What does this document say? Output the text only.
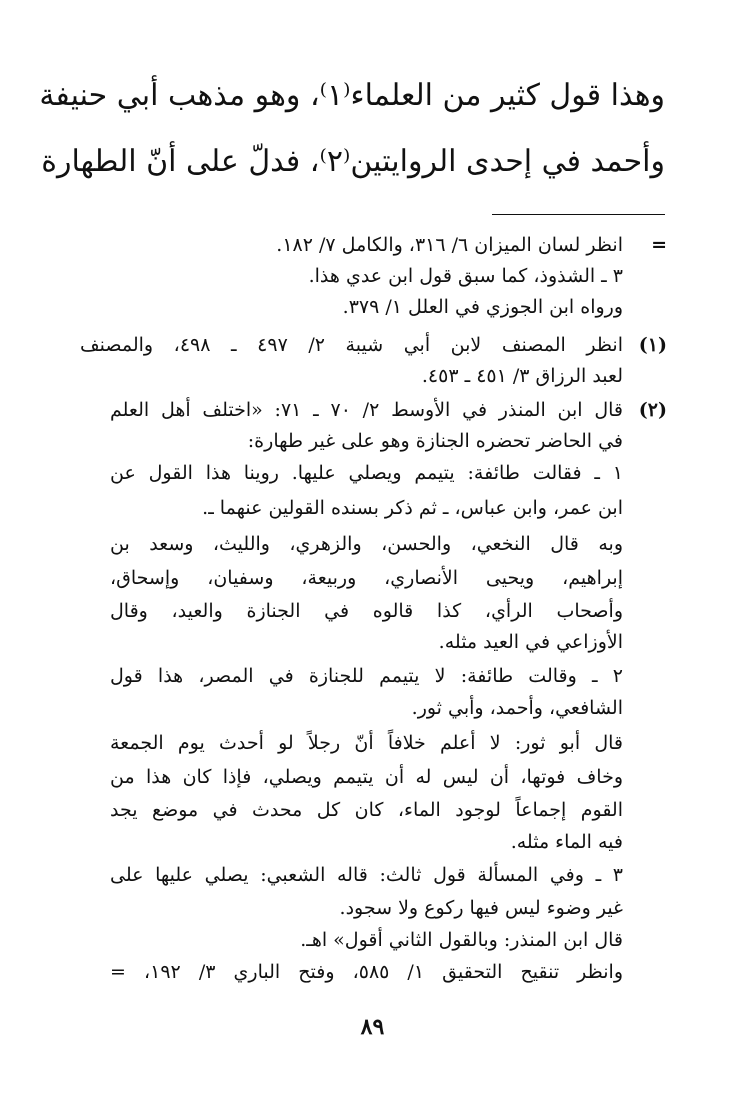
وهذا قول كثير من العلماء⁽١⁾، وهو مذهب أبي حنيفة
وأحمد في إحدى الروايتين⁽٢⁾، فدلّ على أنّ الطهارة
=
انظر لسان الميزان ٦/ ٣١٦، والكامل ٧/ ١٨٢.
٣ ـ الشذوذ، كما سبق قول ابن عدي هذا.
ورواه ابن الجوزي في العلل ١/ ٣٧٩.
(١)
انظر المصنف لابن أبي شيبة ٢/ ٤٩٧ ـ ٤٩٨، والمصنف
لعبد الرزاق ٣/ ٤٥١ ـ ٤٥٣.
(٢)
قال ابن المنذر في الأوسط ٢/ ٧٠ ـ ٧١: «اختلف أهل العلم
في الحاضر تحضره الجنازة وهو على غير طهارة:
١ ـ فقالت طائفة: يتيمم ويصلي عليها. روينا هذا القول عن
ابن عمر، وابن عباس، ـ ثم ذكر بسنده القولين عنهما ـ.
وبه قال النخعي، والحسن، والزهري، والليث، وسعد بن
إبراهيم، ويحيى الأنصاري، وربيعة، وسفيان، وإسحاق،
وأصحاب الرأي، كذا قالوه في الجنازة والعيد، وقال
الأوزاعي في العيد مثله.
٢ ـ وقالت طائفة: لا يتيمم للجنازة في المصر، هذا قول
الشافعي، وأحمد، وأبي ثور.
قال أبو ثور: لا أعلم خلافاً أنّ رجلاً لو أحدث يوم الجمعة
وخاف فوتها، أن ليس له أن يتيمم ويصلي، فإذا كان هذا من
القوم إجماعاً لوجود الماء، كان كل محدث في موضع يجد
فيه الماء مثله.
٣ ـ وفي المسألة قول ثالث: قاله الشعبي: يصلي عليها على
غير وضوء ليس فيها ركوع ولا سجود.
قال ابن المنذر: وبالقول الثاني أقول» اهـ.
وانظر تنقيح التحقيق ١/ ٥٨٥، وفتح الباري ٣/ ١٩٢، =
٨٩
